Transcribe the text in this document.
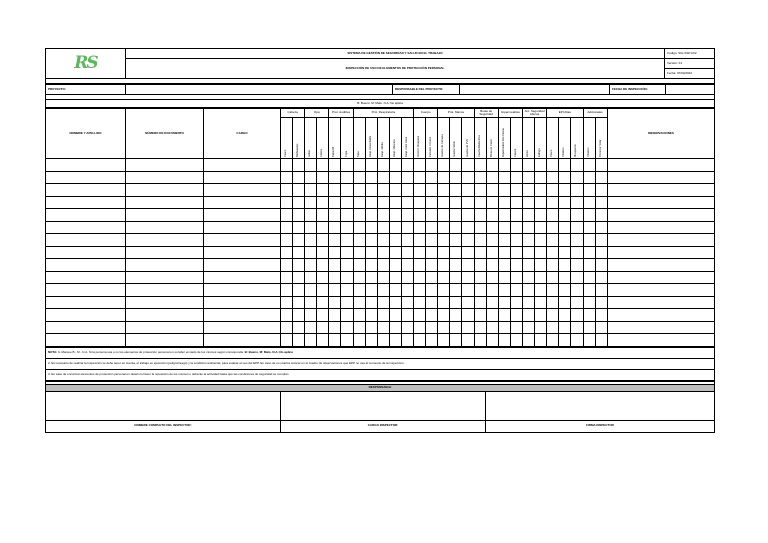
RS	SISTEMA DE GESTIÓN DE SEGURIDAD Y SALUD EN EL TRABAJO	Código: SGI-SSP-F02
	INSPECCIÓN DE USO DE ELEMENTOS DE PROTECCIÓN PERSONAL	Versión: 01
		Fecha: 07/04/2022

PROYECTO:		RESPONSABLE DEL PROYECTO:		FECHA DE INSPECCIÓN:	

B: Bueno. M: Malo. N.A: No aplica
NOMBRE Y APELLIDO	NÚMERO DE DOCUMENTO	CARGO	Cabeza		Ojos		Prot. Auditiva		Prot. Respiratoria					Cuerpo		Prot. Manos			Botas de Seguridad		Impermeables		Ant. Seguridad Alturas		EPI Altas			Adicionales		OBSERVACIONES
			Casco	Barbuquejo	Gafas	Careta	Tapón/M	Copa	Tapa	Resp. Desechable	Resp. Media	Resp. Máscara	Resp. Cara Llena	Overol / Chaqueta	Pantalón / Overol	Guante de Carnaza	Guante Nitrilo	Guante de PVC	Caucho/Dieléctrica	Botas en Cuero	Impermeable Dos Piezas	Capote	Arnés	Eslinga	Casco	Chaleco	Mosquetón	Chaleco	Protector Solar	

NOTA: 1. Marque B - M - N.A. Si la persona usa o no los elementos de protección personal en su labor enviado de los mismos según corresponda. B: Bueno. M: Malo. N.A: No aplica
2. Es necesario de realizar la inspección se debe tener en cuenta, el trabajo en ejecución (peligro/riesgo) y la condición ambiental, para evaluar el uso del EPP. En caso de no usarlos colocar en el cuadro de observaciones que EPP no usa al momento de la inspección.
3. En caso de encontrar elementos de protección personal en deterioro hacer la reposición de los mismos o deberán la actividad hasta que las condiciones de seguridad se cumplan.

RESPONSABLE		

NOMBRE COMPLETO DEL INSPECTOR:	CARGO INSPECTOR:	FIRMA INSPECTOR
